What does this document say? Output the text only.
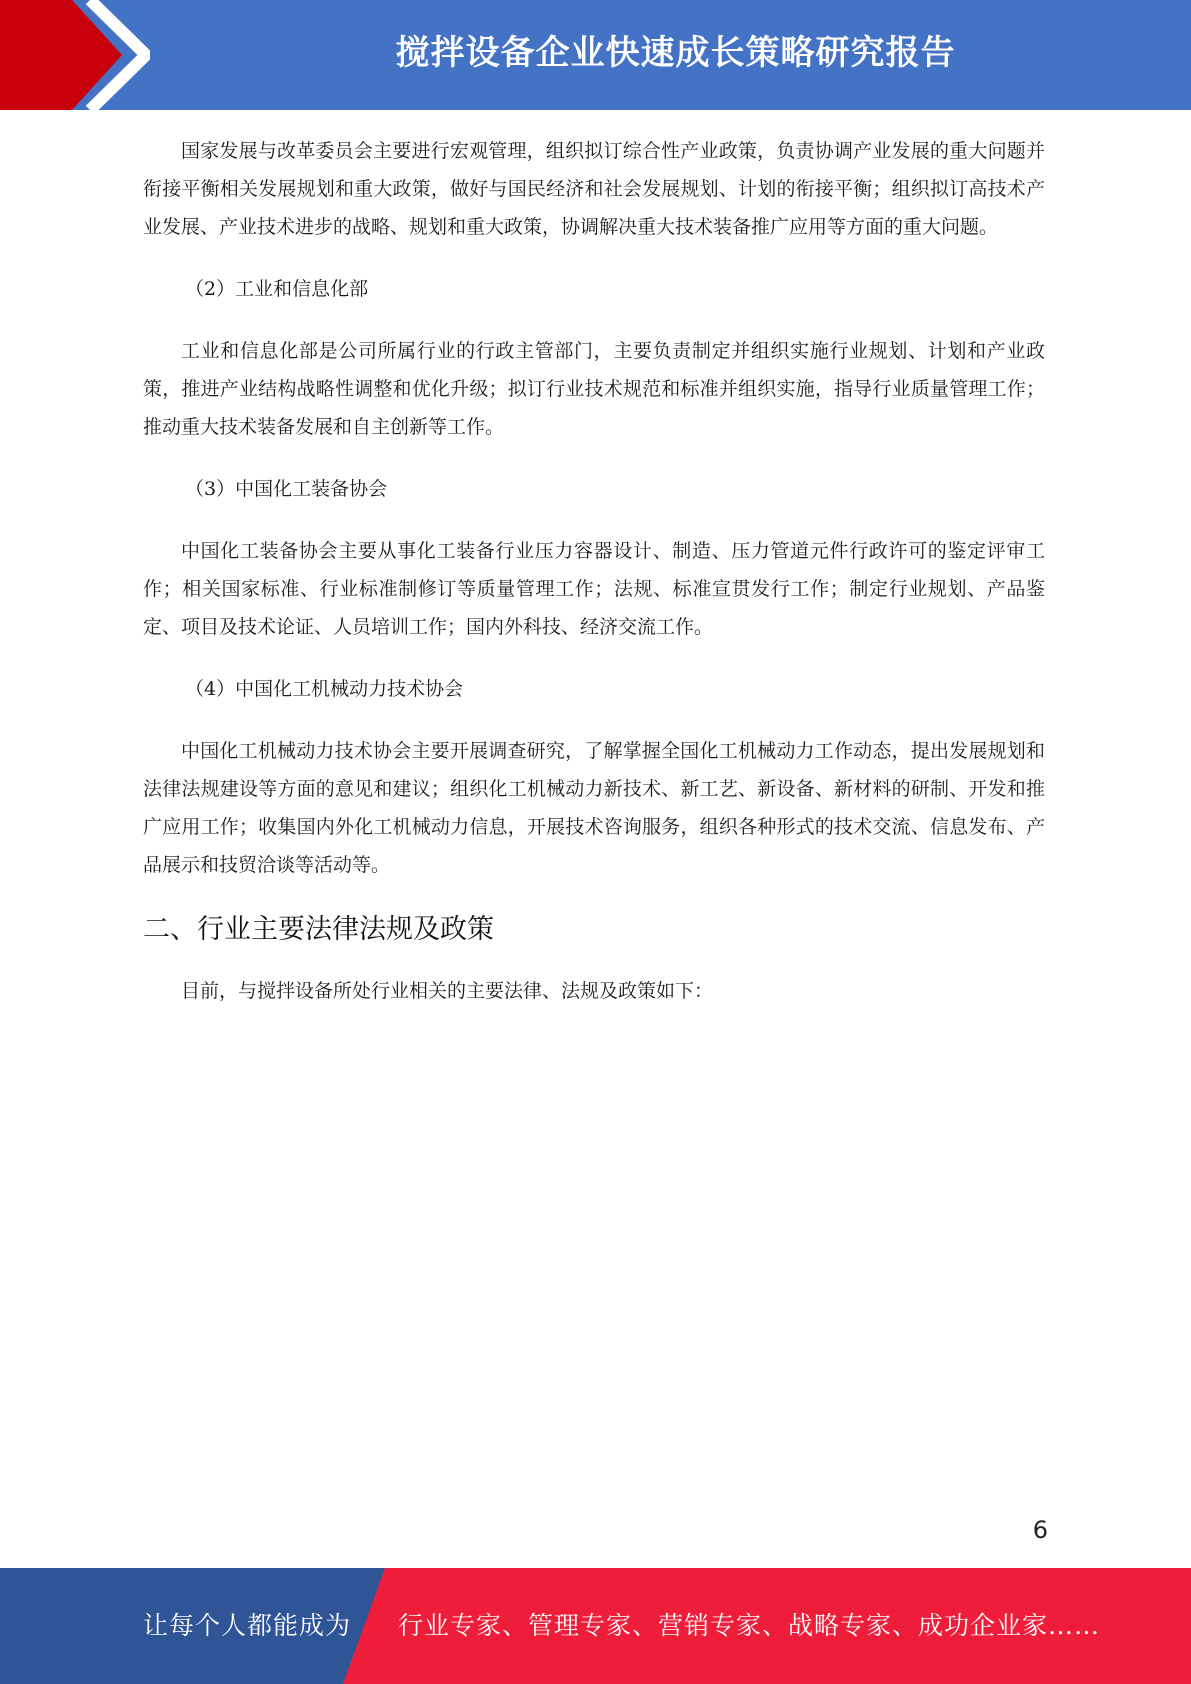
搅拌设备企业快速成长策略研究报告

国家发展与改革委员会主要进行宏观管理，组织拟订综合性产业政策，负责协调产业发展的重大问题并衔接平衡相关发展规划和重大政策，做好与国民经济和社会发展规划、计划的衔接平衡；组织拟订高技术产业发展、产业技术进步的战略、规划和重大政策，协调解决重大技术装备推广应用等方面的重大问题。

（2）工业和信息化部

工业和信息化部是公司所属行业的行政主管部门，主要负责制定并组织实施行业规划、计划和产业政策，推进产业结构战略性调整和优化升级；拟订行业技术规范和标准并组织实施，指导行业质量管理工作；推动重大技术装备发展和自主创新等工作。

（3）中国化工装备协会

中国化工装备协会主要从事化工装备行业压力容器设计、制造、压力管道元件行政许可的鉴定评审工作；相关国家标准、行业标准制修订等质量管理工作；法规、标准宣贯发行工作；制定行业规划、产品鉴定、项目及技术论证、人员培训工作；国内外科技、经济交流工作。

（4）中国化工机械动力技术协会

中国化工机械动力技术协会主要开展调查研究，了解掌握全国化工机械动力工作动态，提出发展规划和法律法规建设等方面的意见和建议；组织化工机械动力新技术、新工艺、新设备、新材料的研制、开发和推广应用工作；收集国内外化工机械动力信息，开展技术咨询服务，组织各种形式的技术交流、信息发布、产品展示和技贸洽谈等活动等。

二、行业主要法律法规及政策

目前，与搅拌设备所处行业相关的主要法律、法规及政策如下：

6
让每个人都能成为 行业专家、管理专家、营销专家、战略专家、成功企业家……
